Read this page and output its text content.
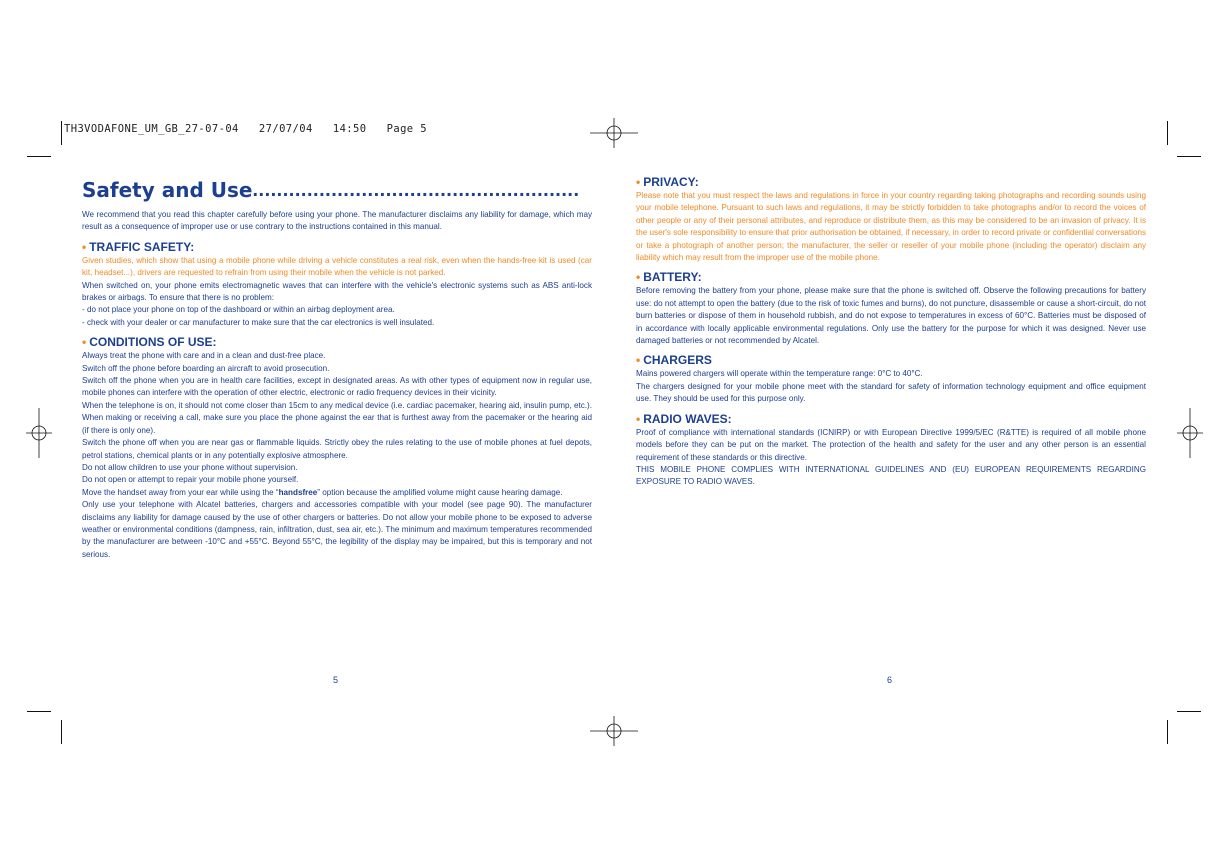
TH3VODAFONE_UM_GB_27-07-04   27/07/04   14:50   Page 5
Safety and Use ......................................................

We recommend that you read this chapter carefully before using your phone. The manufacturer disclaims any liability for damage, which may result as a consequence of improper use or use contrary to the instructions contained in this manual.

• TRAFFIC SAFETY:

Given studies, which show that using a mobile phone while driving a vehicle constitutes a real risk, even when the hands-free kit is used (car kit, headset...), drivers are requested to refrain from using their mobile when the vehicle is not parked.

When switched on, your phone emits electromagnetic waves that can interfere with the vehicle's electronic systems such as ABS anti-lock brakes or airbags. To ensure that there is no problem:

- do not place your phone on top of the dashboard or within an airbag deployment area.

- check with your dealer or car manufacturer to make sure that the car electronics is well insulated.

• CONDITIONS OF USE:

Always treat the phone with care and in a clean and dust-free place.

Switch off the phone before boarding an aircraft to avoid prosecution.

Switch off the phone when you are in health care facilities, except in designated areas. As with other types of equipment now in regular use, mobile phones can interfere with the operation of other electric, electronic or radio frequency devices in their vicinity.

When the telephone is on, it should not come closer than 15cm to any medical device (i.e. cardiac pacemaker, hearing aid, insulin pump, etc.). When making or receiving a call, make sure you place the phone against the ear that is furthest away from the pacemaker or the hearing aid (if there is only one).

Switch the phone off when you are near gas or flammable liquids. Strictly obey the rules relating to the use of mobile phones at fuel depots, petrol stations, chemical plants or in any potentially explosive atmosphere.

Do not allow children to use your phone without supervision.

Do not open or attempt to repair your mobile phone yourself.

Move the handset away from your ear while using the “handsfree” option because the amplified volume might cause hearing damage.

Only use your telephone with Alcatel batteries, chargers and accessories compatible with your model (see page 90). The manufacturer disclaims any liability for damage caused by the use of other chargers or batteries. Do not allow your mobile phone to be exposed to adverse weather or environmental conditions (dampness, rain, infiltration, dust, sea air, etc.). The minimum and maximum temperatures recommended by the manufacturer are between -10°C and +55°C. Beyond 55°C, the legibility of the display may be impaired, but this is temporary and not serious.

5
• PRIVACY:

Please note that you must respect the laws and regulations in force in your country regarding taking photographs and recording sounds using your mobile telephone. Pursuant to such laws and regulations, it may be strictly forbidden to take photographs and/or to record the voices of other people or any of their personal attributes, and reproduce or distribute them, as this may be considered to be an invasion of privacy. It is the user's sole responsibility to ensure that prior authorisation be obtained, if necessary, in order to record private or confidential conversations or take a photograph of another person; the manufacturer, the seller or reseller of your mobile phone (including the operator) disclaim any liability which may result from the improper use of the mobile phone.

• BATTERY:

Before removing the battery from your phone, please make sure that the phone is switched off. Observe the following precautions for battery use: do not attempt to open the battery (due to the risk of toxic fumes and burns), do not puncture, disassemble or cause a short-circuit, do not burn batteries or dispose of them in household rubbish, and do not expose to temperatures in excess of 60°C. Batteries must be disposed of in accordance with locally applicable environmental regulations. Only use the battery for the purpose for which it was designed. Never use damaged batteries or not recommended by Alcatel.

• CHARGERS

Mains powered chargers will operate within the temperature range: 0°C to 40°C.

The chargers designed for your mobile phone meet with the standard for safety of information technology equipment and office equipment use. They should be used for this purpose only.

• RADIO WAVES:

Proof of compliance with international standards (ICNIRP) or with European Directive 1999/5/EC (R&TTE) is required of all mobile phone models before they can be put on the market. The protection of the health and safety for the user and any other person is an essential requirement of these standards or this directive.

THIS MOBILE PHONE COMPLIES WITH INTERNATIONAL GUIDELINES AND (EU) EUROPEAN REQUIREMENTS REGARDING EXPOSURE TO RADIO WAVES.

6
